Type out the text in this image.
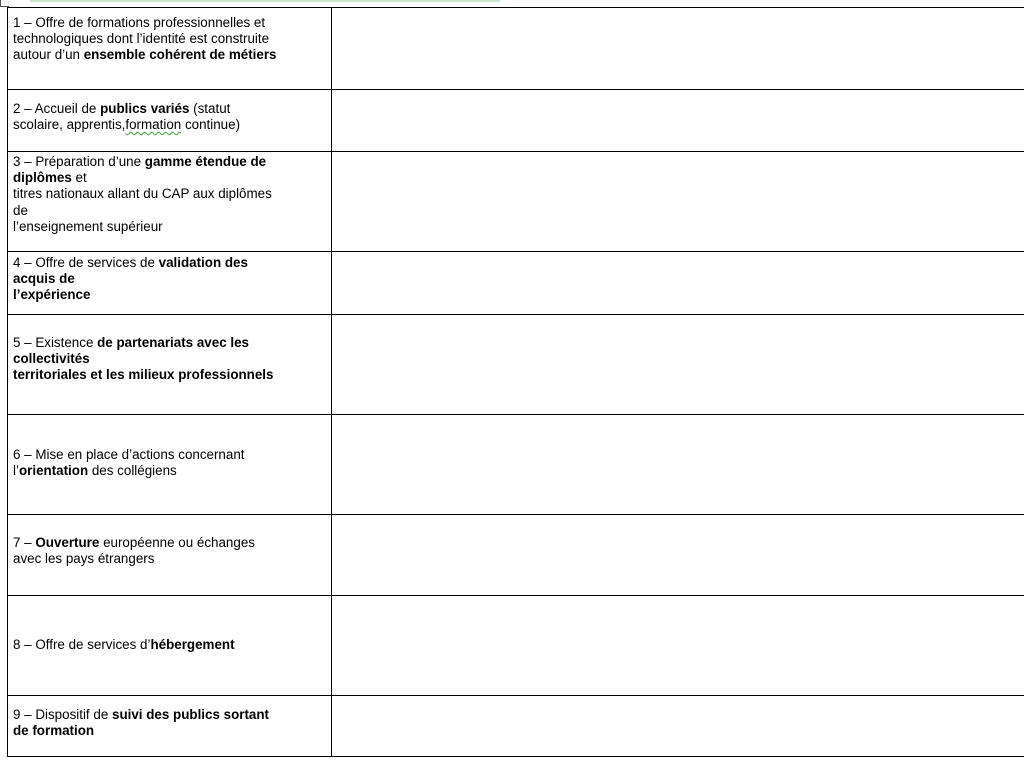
1 – Offre de formations professionnelles et
technologiques dont l’identité est construite
autour d’un ensemble cohérent de métiers	
2 – Accueil de publics variés (statut
scolaire, apprentis,formation continue)	
3 – Préparation d’une gamme étendue de
diplômes et
titres nationaux allant du CAP aux diplômes
de
l’enseignement supérieur	
4 – Offre de services de validation des
acquis de
l’expérience	
5 – Existence de partenariats avec les
collectivités
territoriales et les milieux professionnels	
6 – Mise en place d’actions concernant
l’orientation des collégiens	
7 – Ouverture européenne ou échanges
avec les pays étrangers	
8 – Offre de services d’hébergement	
9 – Dispositif de suivi des publics sortant
de formation	
